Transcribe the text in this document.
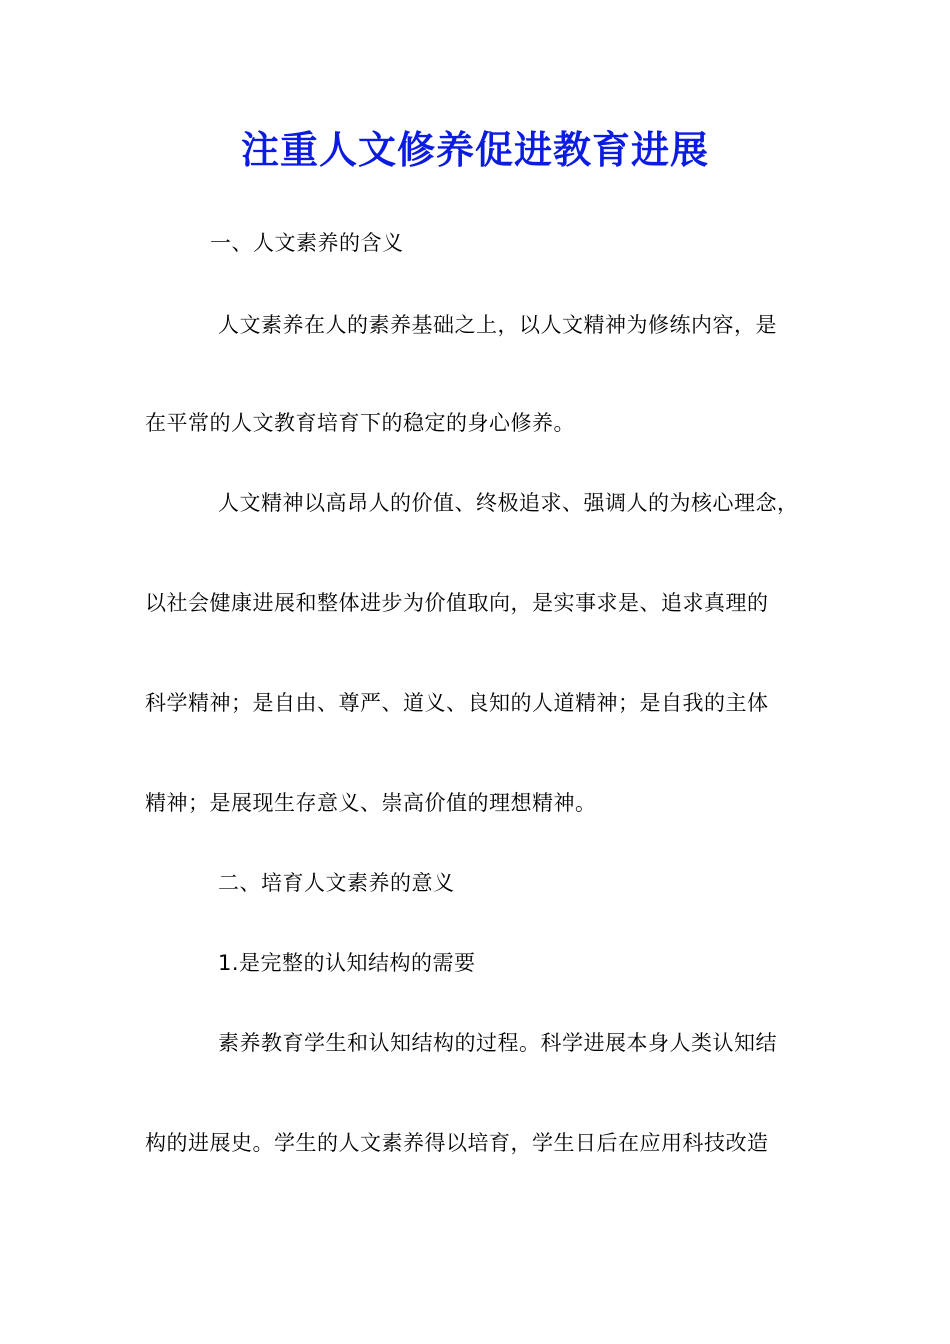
注重人文修养促进教育进展
一、人文素养的含义
人文素养在人的素养基础之上，以人文精神为修练内容，是
在平常的人文教育培育下的稳定的身心修养。
人文精神以高昂人的价值、终极追求、强调人的为核心理念，
以社会健康进展和整体进步为价值取向，是实事求是、追求真理的
科学精神；是自由、尊严、道义、良知的人道精神；是自我的主体
精神；是展现生存意义、崇高价值的理想精神。
二、培育人文素养的意义
1.是完整的认知结构的需要
素养教育学生和认知结构的过程。科学进展本身人类认知结
构的进展史。学生的人文素养得以培育，学生日后在应用科技改造
